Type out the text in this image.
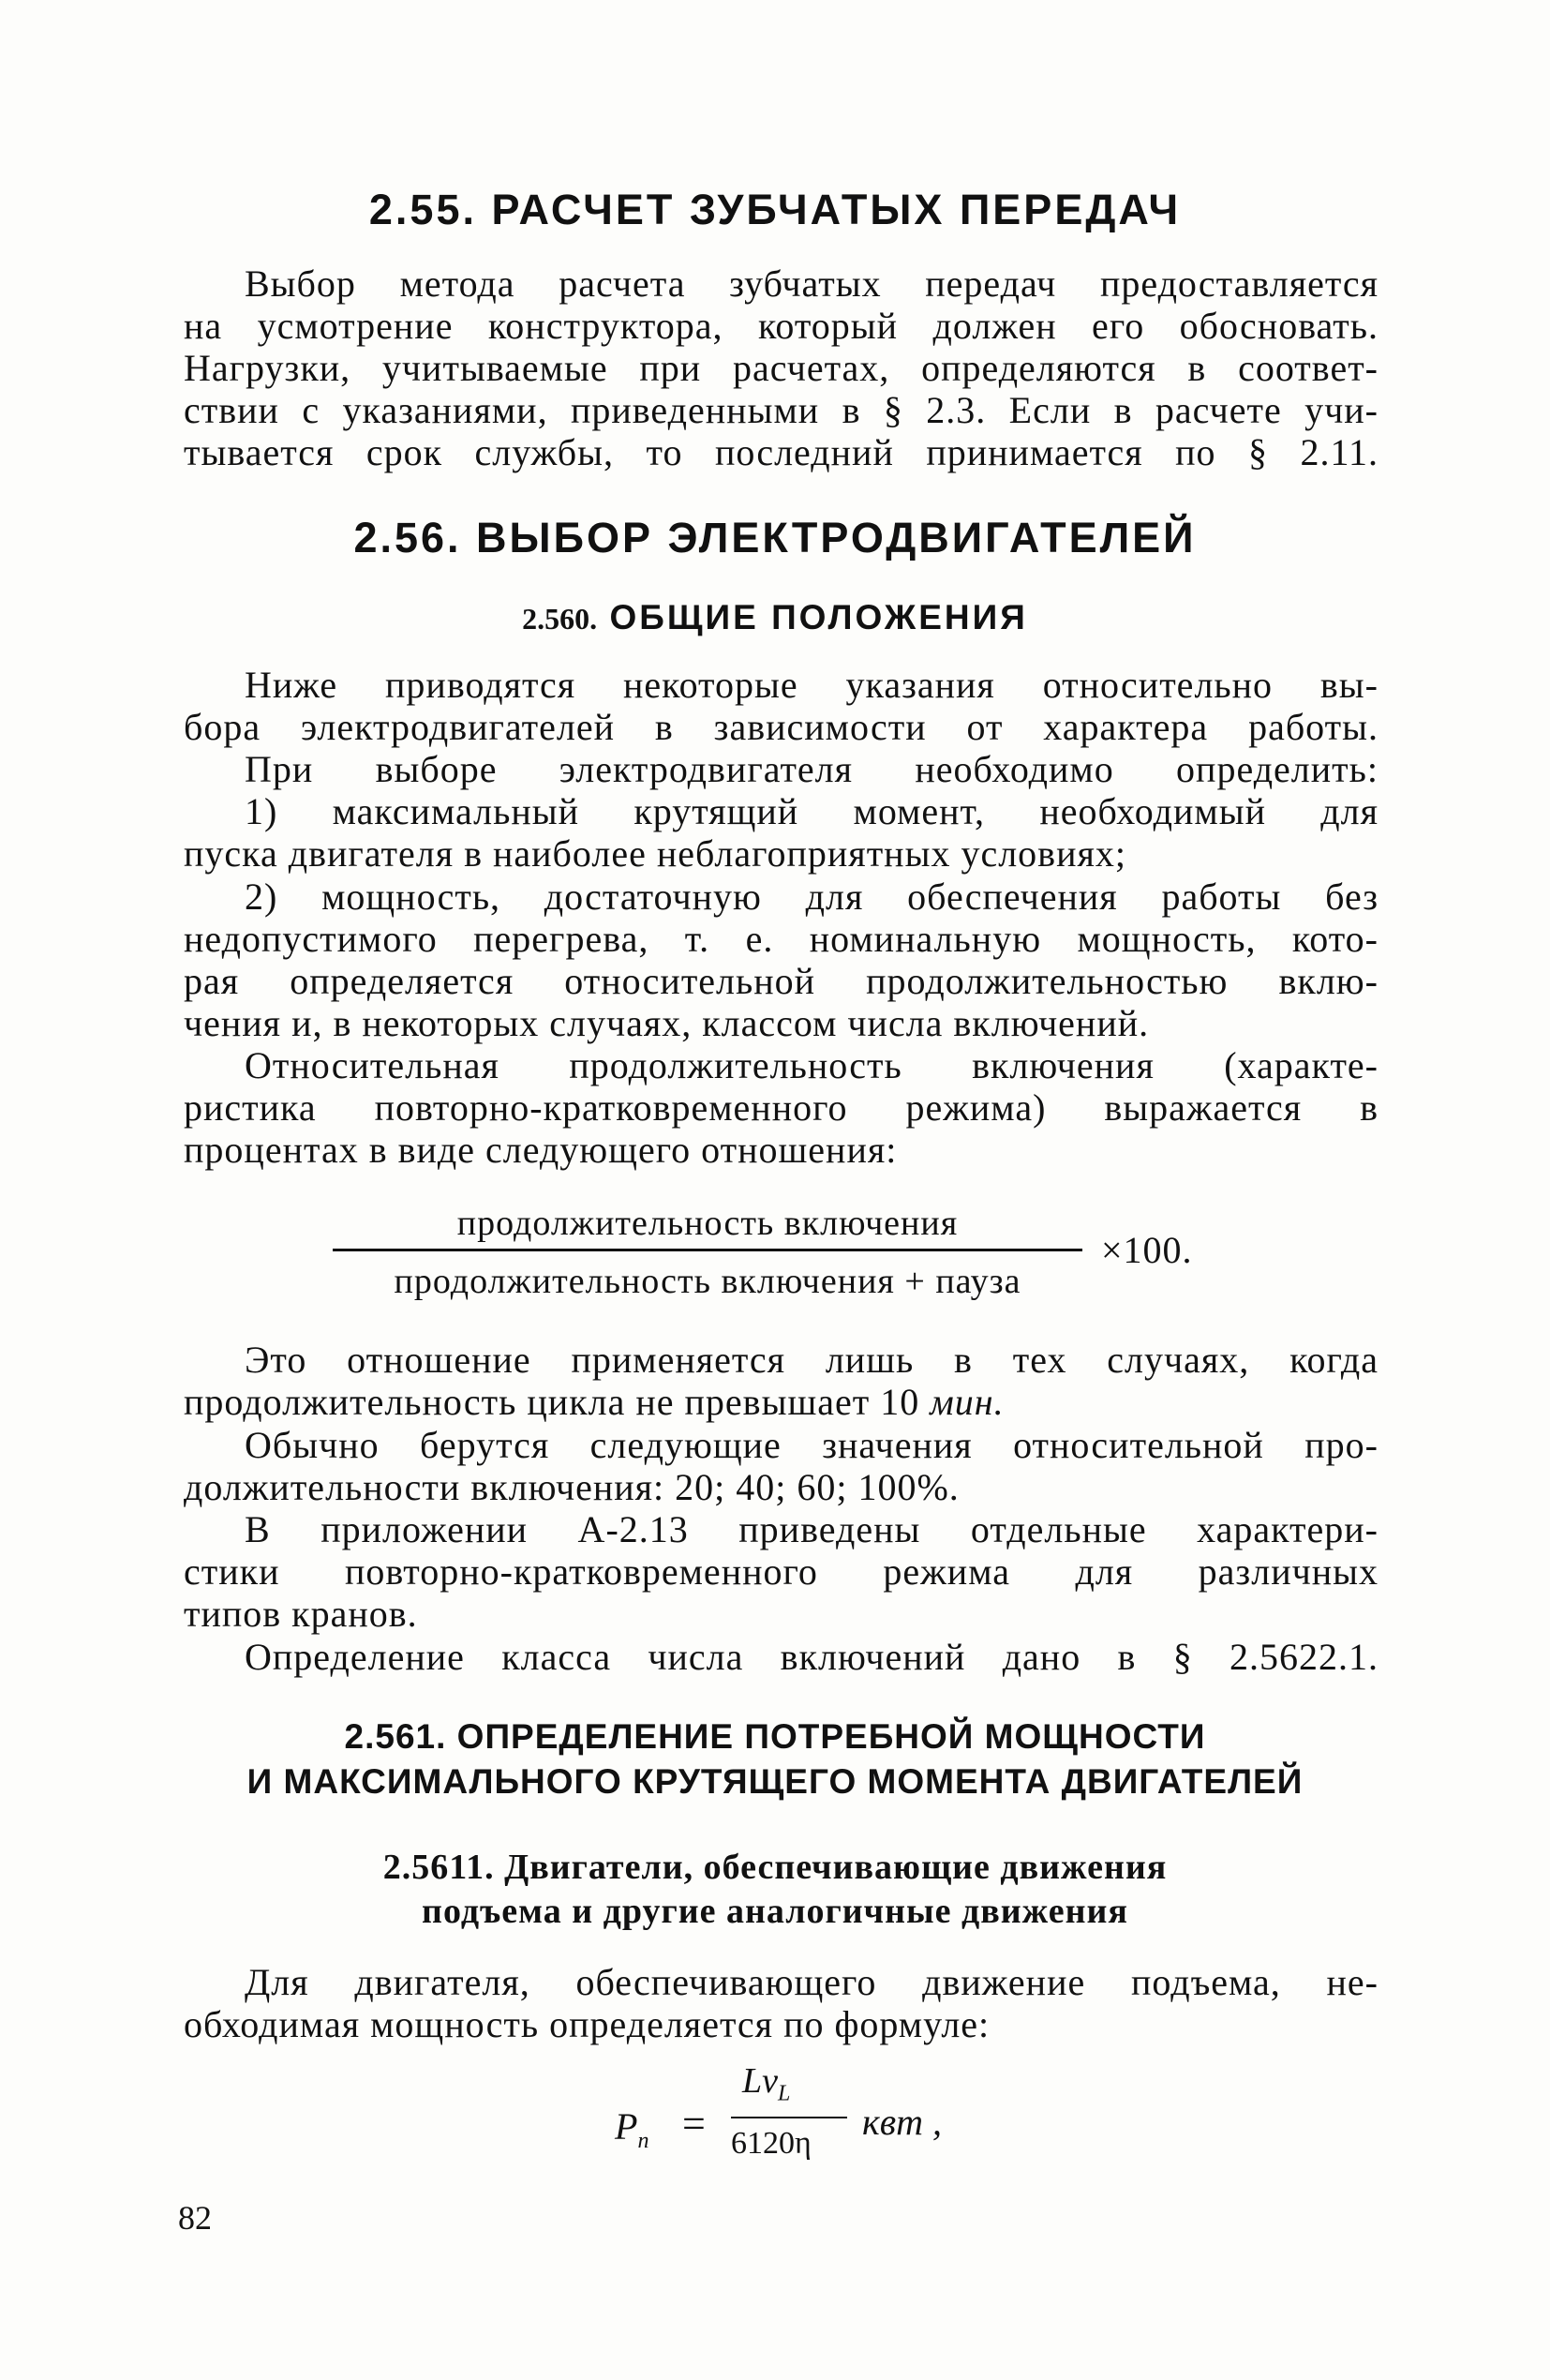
2.55. РАСЧЕТ ЗУБЧАТЫХ ПЕРЕДАЧ
Выбор метода расчета зубчатых передач предоставляется
на усмотрение конструктора, который должен его обосновать.
Нагрузки, учитываемые при расчетах, определяются в соответ-
ствии с указаниями, приведенными в § 2.3. Если в расчете учи-
тывается срок службы, то последний принимается по § 2.11.
2.56. ВЫБОР ЭЛЕКТРОДВИГАТЕЛЕЙ
2.560. ОБЩИЕ ПОЛОЖЕНИЯ
Ниже приводятся некоторые указания относительно вы-
бора электродвигателей в зависимости от характера работы.
При выборе электродвигателя необходимо определить:
1) максимальный крутящий момент, необходимый для
пуска двигателя в наиболее неблагоприятных условиях;
2) мощность, достаточную для обеспечения работы без
недопустимого перегрева, т. е. номинальную мощность, кото-
рая определяется относительной продолжительностью вклю-
чения и, в некоторых случаях, классом числа включений.
Относительная продолжительность включения (характе-
ристика повторно-кратковременного режима) выражается в
процентах в виде следующего отношения:
продолжительность включения
продолжительность включения + пауза
×100.
Это отношение применяется лишь в тех случаях, когда
продолжительность цикла не превышает 10 мин.
Обычно берутся следующие значения относительной про-
должительности включения: 20; 40; 60; 100%.
В приложении А-2.13 приведены отдельные характери-
стики повторно-кратковременного режима для различных
типов кранов.
Определение класса числа включений дано в § 2.5622.1.
2.561. ОПРЕДЕЛЕНИЕ ПОТРЕБНОЙ МОЩНОСТИ
И МАКСИМАЛЬНОГО КРУТЯЩЕГО МОМЕНТА ДВИГАТЕЛЕЙ
2.5611. Двигатели, обеспечивающие движения
подъема и другие аналогичные движения
Для двигателя, обеспечивающего движение подъема, не-
обходимая мощность определяется по формуле:
$P_n$ =
$Lv_L$
6120η
квт ,
82
